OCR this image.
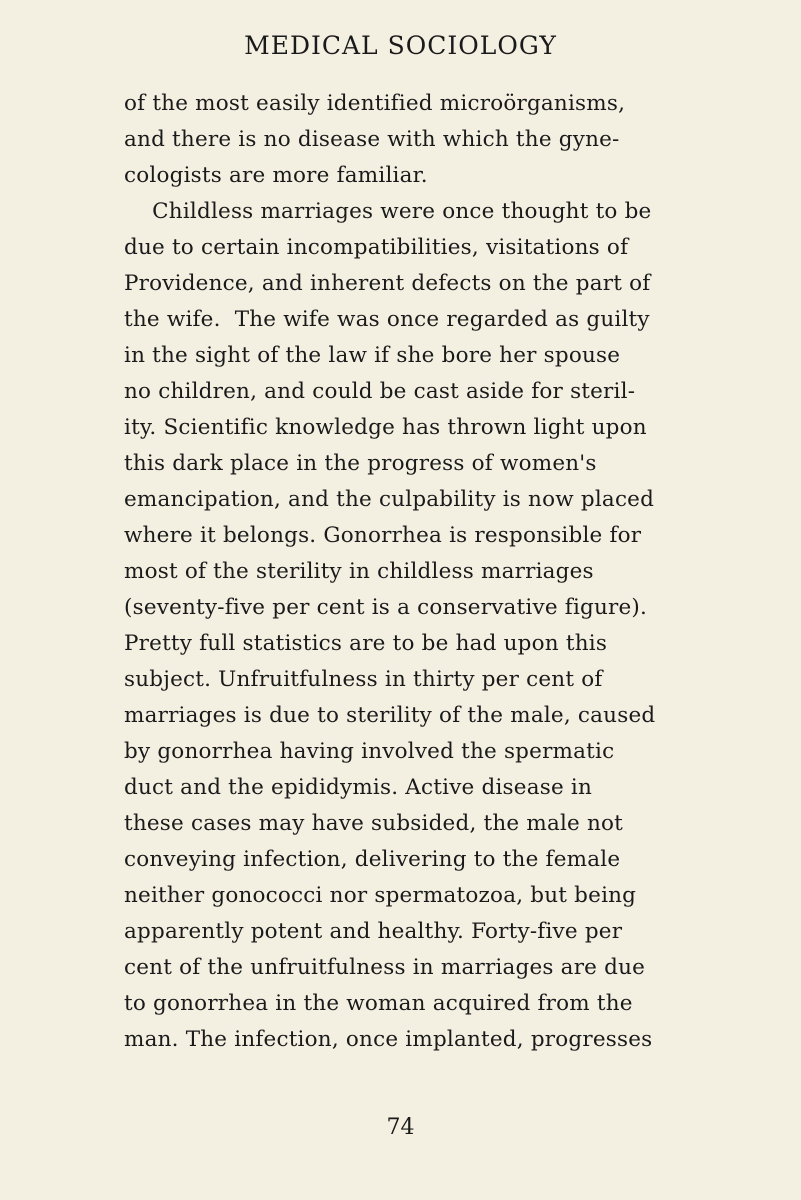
MEDICAL SOCIOLOGY
of the most easily identified microörganisms,
and there is no disease with which the gyne-
cologists are more familiar.
Childless marriages were once thought to be
due to certain incompatibilities, visitations of
Providence, and inherent defects on the part of
the wife.  The wife was once regarded as guilty
in the sight of the law if she bore her spouse
no children, and could be cast aside for steril-
ity. Scientific knowledge has thrown light upon
this dark place in the progress of women's
emancipation, and the culpability is now placed
where it belongs. Gonorrhea is responsible for
most of the sterility in childless marriages
(seventy-five per cent is a conservative figure).
Pretty full statistics are to be had upon this
subject. Unfruitfulness in thirty per cent of
marriages is due to sterility of the male, caused
by gonorrhea having involved the spermatic
duct and the epididymis. Active disease in
these cases may have subsided, the male not
conveying infection, delivering to the female
neither gonococci nor spermatozoa, but being
apparently potent and healthy. Forty-five per
cent of the unfruitfulness in marriages are due
to gonorrhea in the woman acquired from the
man. The infection, once implanted, progresses
74
